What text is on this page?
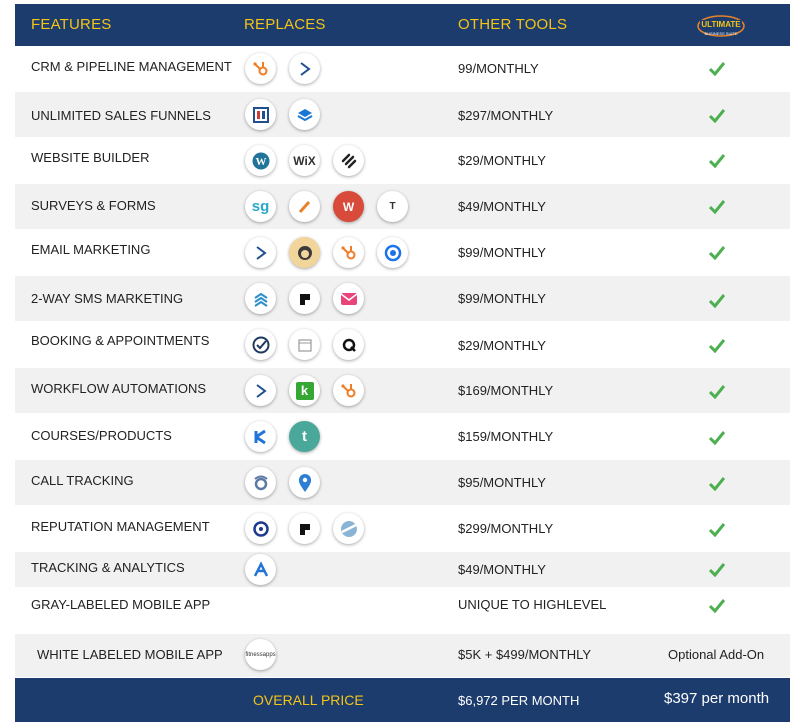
FEATURES	REPLACES	OTHER TOOLS	ULTIMATE
BUSINESS SUITE
CRM & PIPELINE MANAGEMENT	99/MONTHLY
UNLIMITED SALES FUNNELS	$297/MONTHLY
WEBSITE BUILDER	W WiX	$29/MONTHLY
SURVEYS & FORMS	sg	W	T	$49/MONTHLY
EMAIL MARKETING	$99/MONTHLY
2-WAY SMS MARKETING	$99/MONTHLY
BOOKING & APPOINTMENTS	$29/MONTHLY
WORKFLOW AUTOMATIONS	k	$169/MONTHLY
COURSES/PRODUCTS	t	$159/MONTHLY
CALL TRACKING	$95/MONTHLY
REPUTATION MANAGEMENT	$299/MONTHLY
TRACKING & ANALYTICS	$49/MONTHLY
GRAY-LABELED MOBILE APP	UNIQUE TO HIGHLEVEL
WHITE LABELED MOBILE APP	fitnessapps	$5K + $499/MONTHLY	Optional Add-On
OVERALL PRICE	$6,972 PER MONTH	$397 per month
